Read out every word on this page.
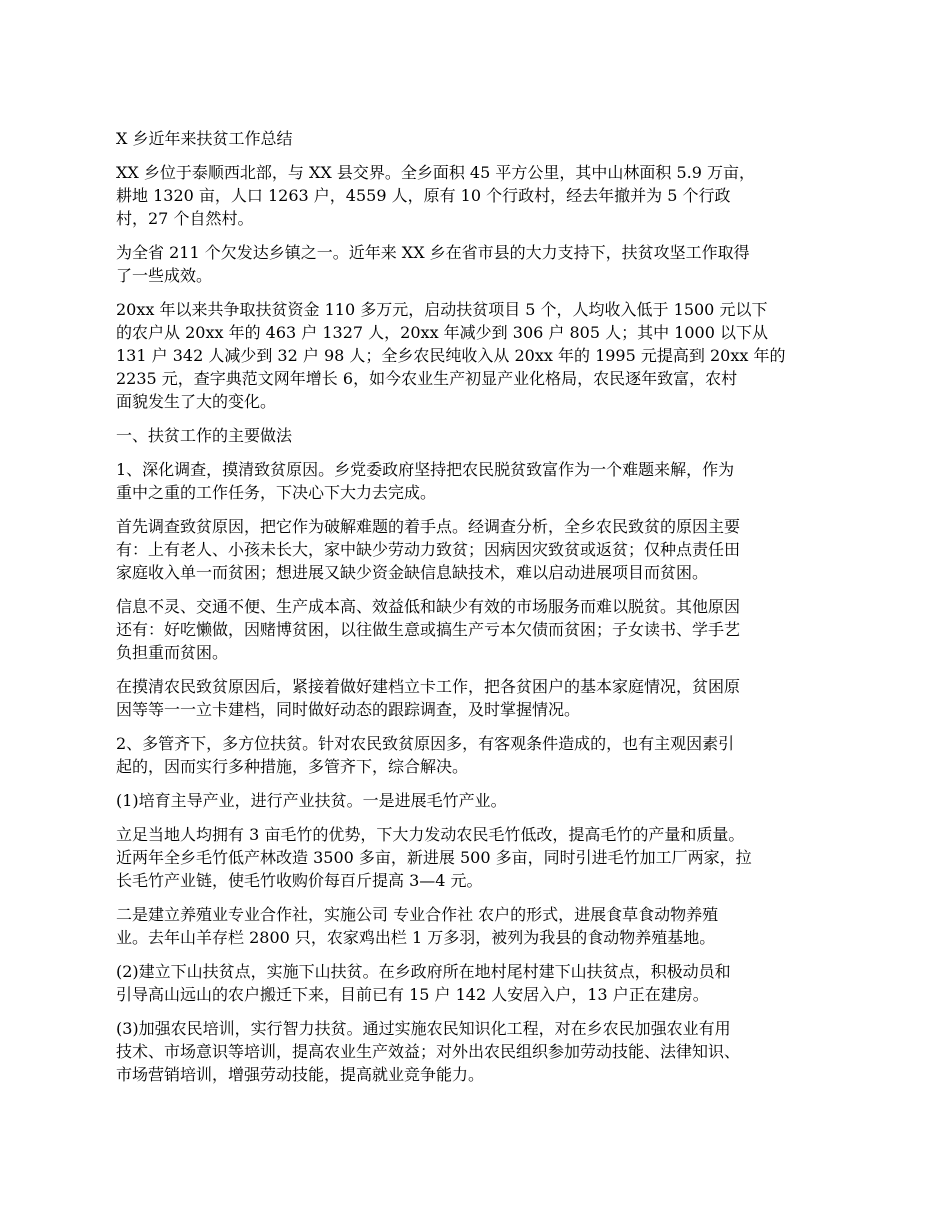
X 乡近年来扶贫工作总结

XX 乡位于泰顺西北部，与 XX 县交界。全乡面积 45 平方公里，其中山林面积 5.9 万亩，
耕地 1320 亩，人口 1263 户，4559 人，原有 10 个行政村，经去年撤并为 5 个行政
村，27 个自然村。

为全省 211 个欠发达乡镇之一。近年来 XX 乡在省市县的大力支持下，扶贫攻坚工作取得
了一些成效。

20xx 年以来共争取扶贫资金 110 多万元，启动扶贫项目 5 个，人均收入低于 1500 元以下
的农户从 20xx 年的 463 户 1327 人，20xx 年减少到 306 户 805 人；其中 1000 以下从
131 户 342 人减少到 32 户 98 人；全乡农民纯收入从 20xx 年的 1995 元提高到 20xx 年的
2235 元，查字典范文网年增长 6，如今农业生产初显产业化格局，农民逐年致富，农村
面貌发生了大的变化。

一、扶贫工作的主要做法

1、深化调查，摸清致贫原因。乡党委政府坚持把农民脱贫致富作为一个难题来解，作为
重中之重的工作任务，下决心下大力去完成。

首先调查致贫原因，把它作为破解难题的着手点。经调查分析，全乡农民致贫的原因主要
有：上有老人、小孩未长大，家中缺少劳动力致贫；因病因灾致贫或返贫；仅种点责任田
家庭收入单一而贫困；想进展又缺少资金缺信息缺技术，难以启动进展项目而贫困。

信息不灵、交通不便、生产成本高、效益低和缺少有效的市场服务而难以脱贫。其他原因
还有：好吃懒做，因赌博贫困，以往做生意或搞生产亏本欠债而贫困；子女读书、学手艺
负担重而贫困。

在摸清农民致贫原因后，紧接着做好建档立卡工作，把各贫困户的基本家庭情况，贫困原
因等等一一立卡建档，同时做好动态的跟踪调查，及时掌握情况。

2、多管齐下，多方位扶贫。针对农民致贫原因多，有客观条件造成的，也有主观因素引
起的，因而实行多种措施，多管齐下，综合解决。

(1)培育主导产业，进行产业扶贫。一是进展毛竹产业。

立足当地人均拥有 3 亩毛竹的优势，下大力发动农民毛竹低改，提高毛竹的产量和质量。
近两年全乡毛竹低产林改造 3500 多亩，新进展 500 多亩，同时引进毛竹加工厂两家，拉
长毛竹产业链，使毛竹收购价每百斤提高 3—4 元。

二是建立养殖业专业合作社，实施公司 专业合作社 农户的形式，进展食草食动物养殖
业。去年山羊存栏 2800 只，农家鸡出栏 1 万多羽，被列为我县的食动物养殖基地。

(2)建立下山扶贫点，实施下山扶贫。在乡政府所在地村尾村建下山扶贫点，积极动员和
引导高山远山的农户搬迁下来，目前已有 15 户 142 人安居入户，13 户正在建房。

(3)加强农民培训，实行智力扶贫。通过实施农民知识化工程，对在乡农民加强农业有用
技术、市场意识等培训，提高农业生产效益；对外出农民组织参加劳动技能、法律知识、
市场营销培训，增强劳动技能，提高就业竞争能力。
